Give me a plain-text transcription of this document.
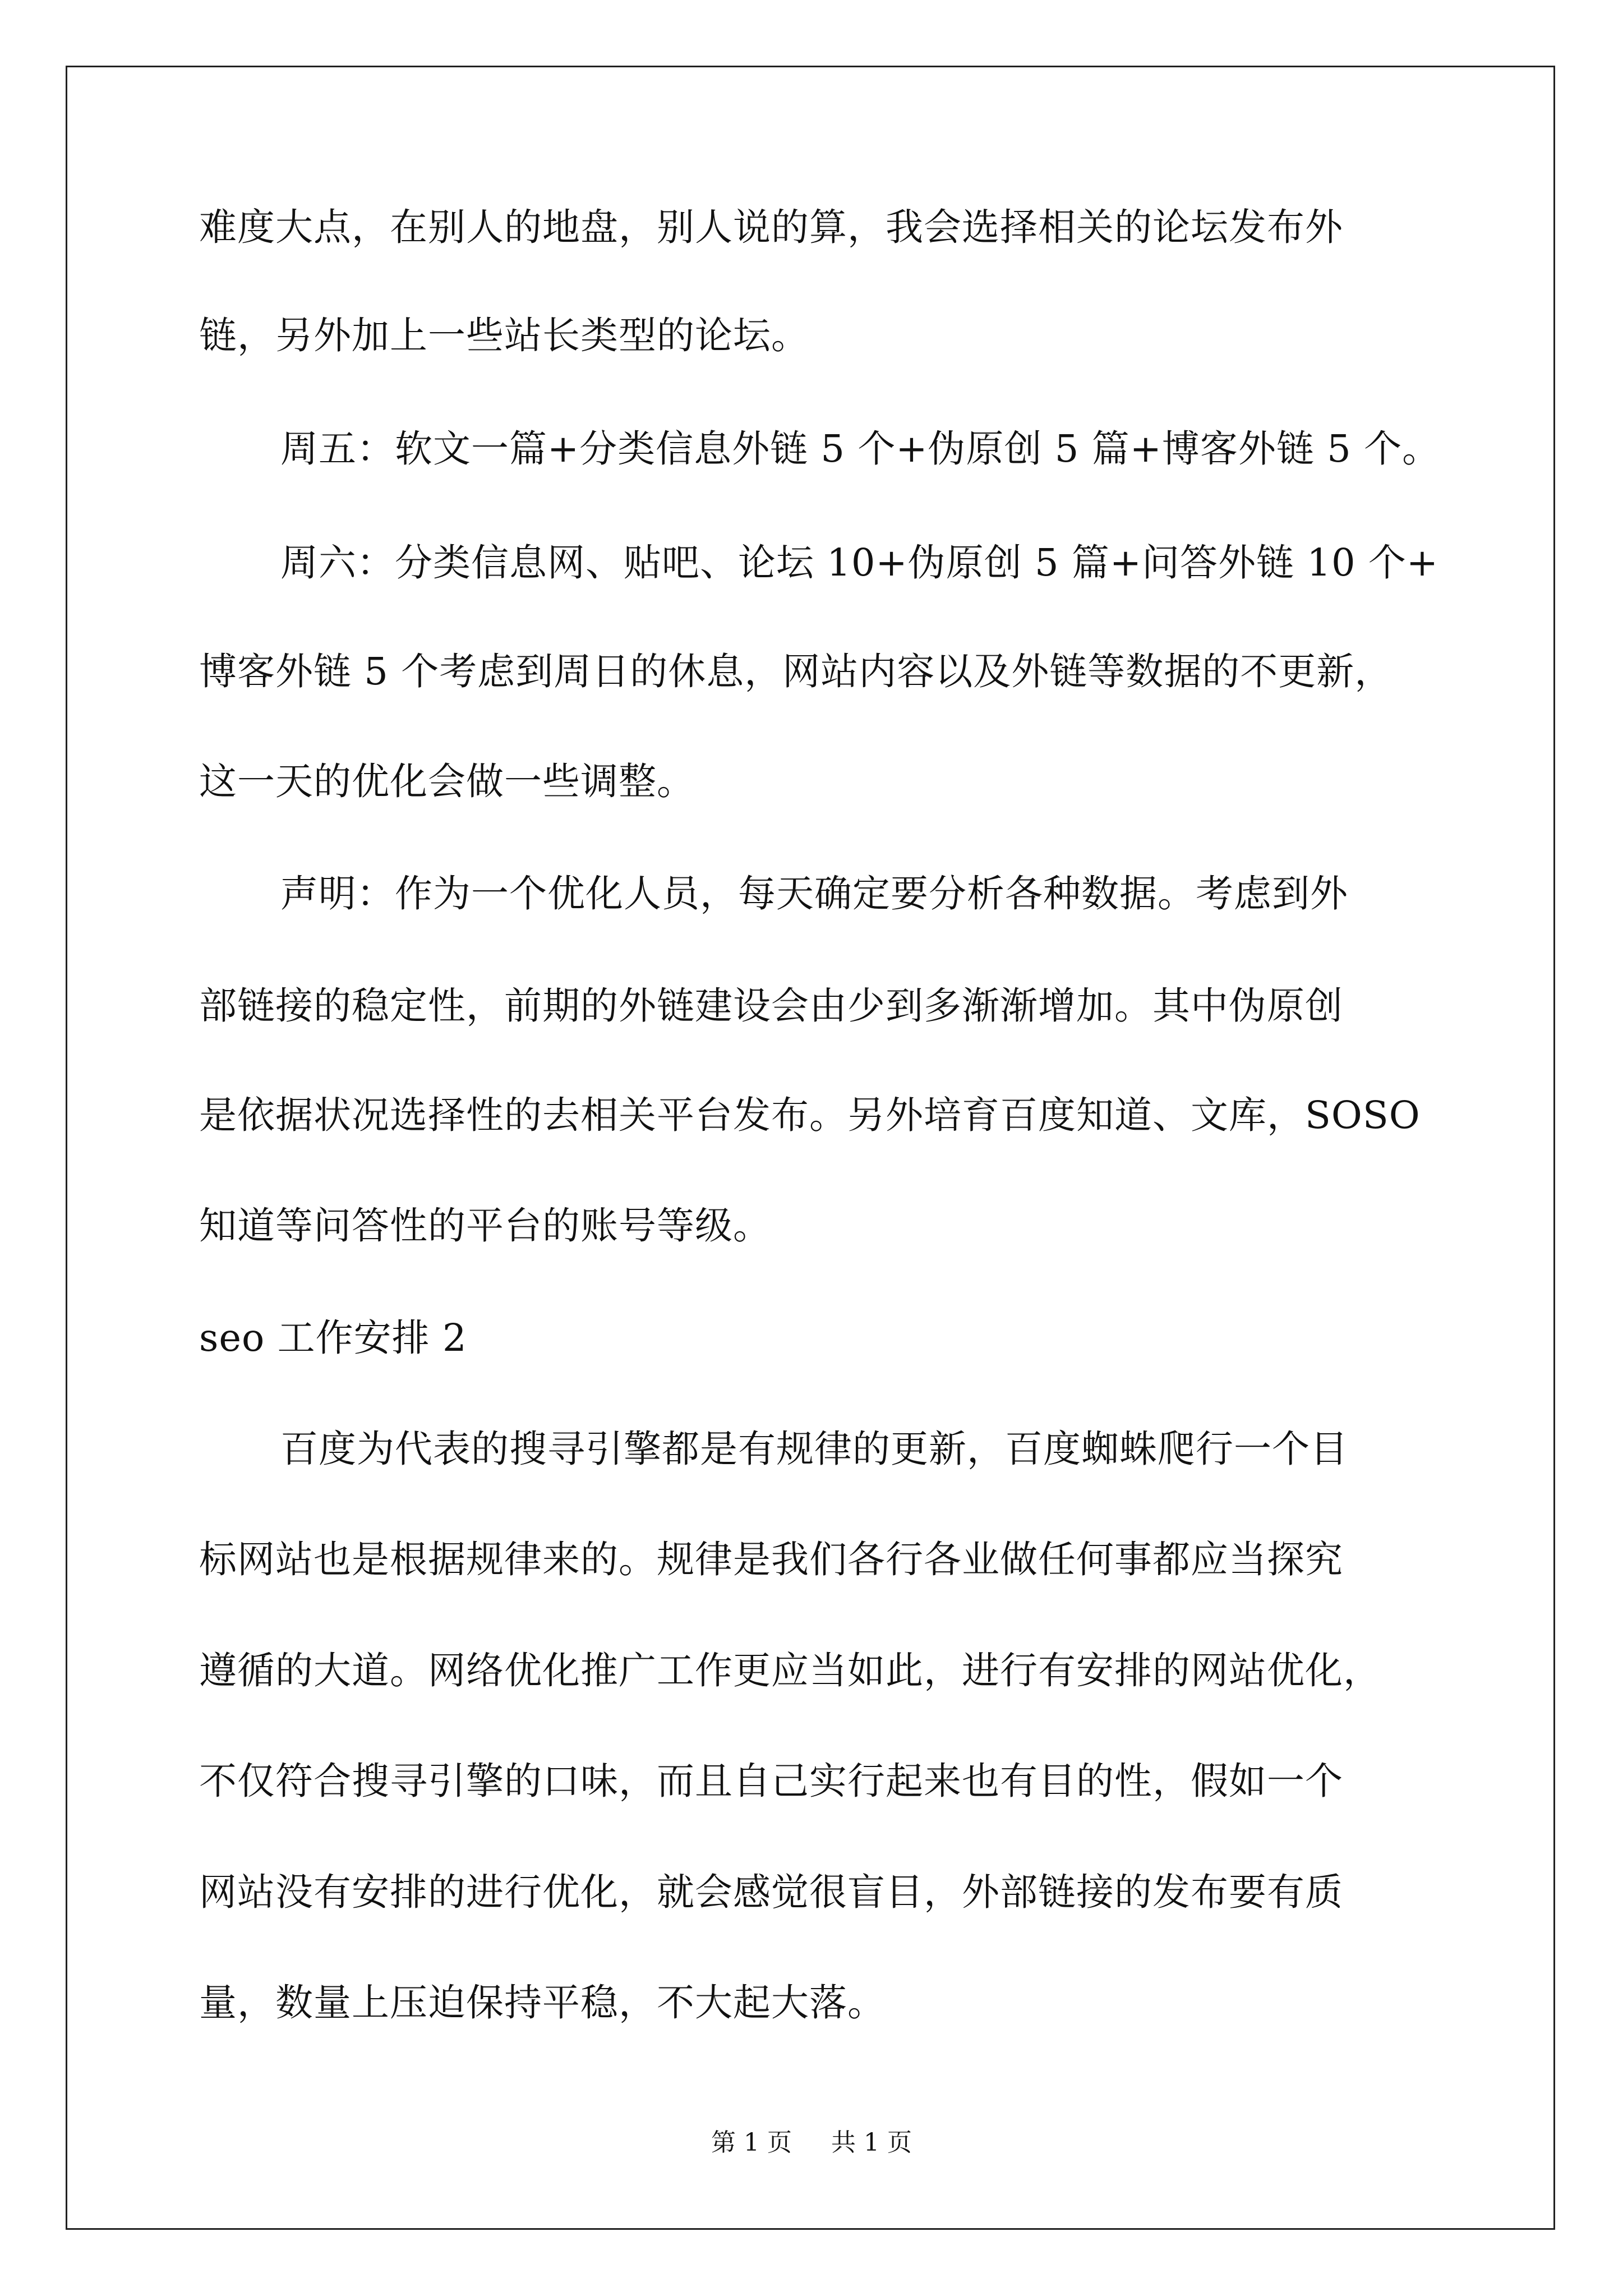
难度大点，在别人的地盘，别人说的算，我会选择相关的论坛发布外
链，另外加上一些站长类型的论坛。
周五：软文一篇+分类信息外链 5 个+伪原创 5 篇+博客外链 5 个。
周六：分类信息网、贴吧、论坛 10+伪原创 5 篇+问答外链 10 个+
博客外链 5 个考虑到周日的休息，网站内容以及外链等数据的不更新，
这一天的优化会做一些调整。
声明：作为一个优化人员，每天确定要分析各种数据。考虑到外
部链接的稳定性，前期的外链建设会由少到多渐渐增加。其中伪原创
是依据状况选择性的去相关平台发布。另外培育百度知道、文库，SOSO
知道等问答性的平台的账号等级。
seo 工作安排 2
百度为代表的搜寻引擎都是有规律的更新，百度蜘蛛爬行一个目
标网站也是根据规律来的。规律是我们各行各业做任何事都应当探究
遵循的大道。网络优化推广工作更应当如此，进行有安排的网站优化，
不仅符合搜寻引擎的口味，而且自己实行起来也有目的性，假如一个
网站没有安排的进行优化，就会感觉很盲目，外部链接的发布要有质
量，数量上压迫保持平稳，不大起大落。
第 1 页 共 1 页
